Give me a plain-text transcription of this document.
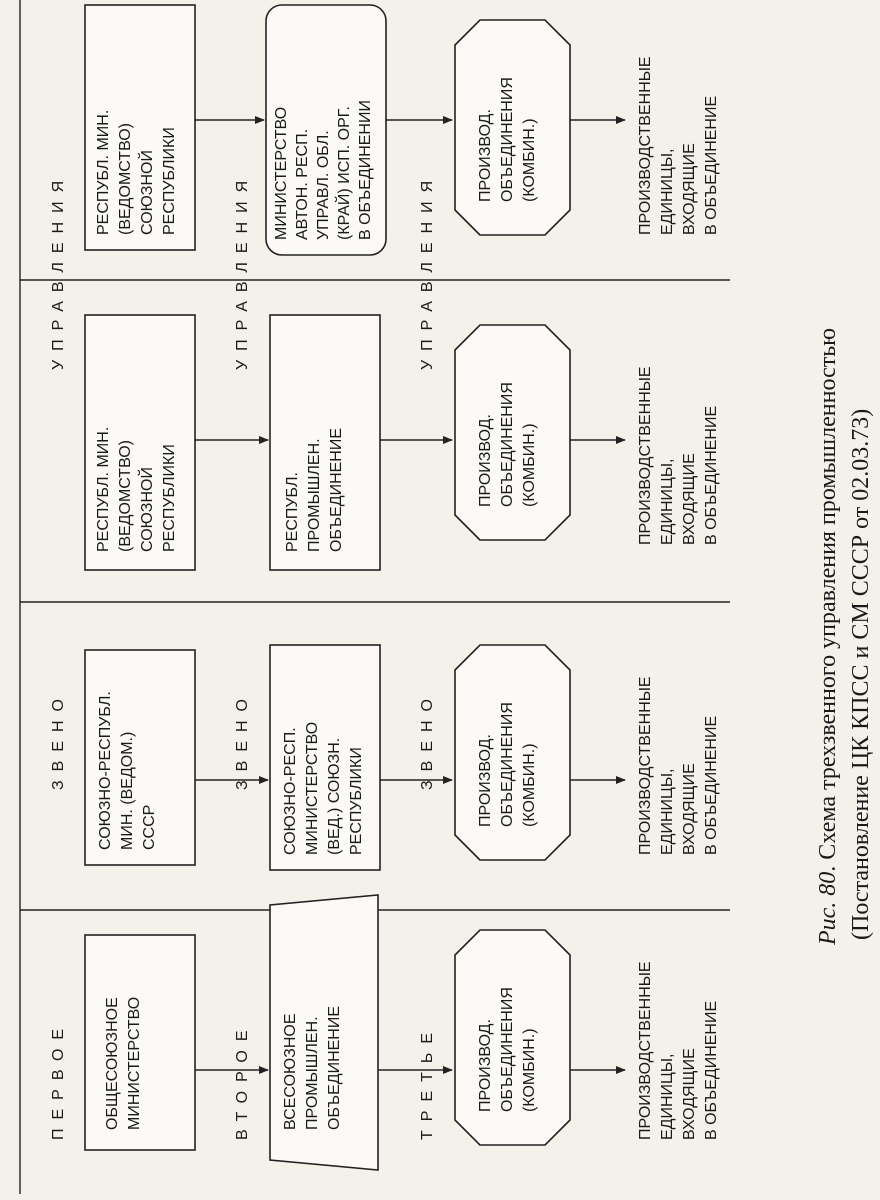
ПЕРВОЕ
ЗВЕНО
УПРАВЛЕНИЯ
ВТОРОЕ
ЗВЕНО
УПРАВЛЕНИЯ
ТРЕТЬЕ
ЗВЕНО
УПРАВЛЕНИЯ
ОБЩЕСОЮЗНОЕ МИНИСТЕРСТВО	ВСЕСОЮЗНОЕ ПРОМЫШЛЕН. ОБЪЕДИНЕНИЕ	ПРОИЗВОД. ОБЪЕДИНЕНИЯ (КОМБИН.)	ПРОИЗВОДСТВЕННЫЕ ЕДИНИЦЫ, ВХОДЯЩИЕ В ОБЪЕДИНЕНИЕ
СОЮЗНО-РЕСПУБЛ. МИН. (ВЕДОМ.) СССР	СОЮЗНО-РЕСП. МИНИСТЕРСТВО (ВЕД.) СОЮЗН. РЕСПУБЛИКИ	ПРОИЗВОД. ОБЪЕДИНЕНИЯ (КОМБИН.)	ПРОИЗВОДСТВЕННЫЕ ЕДИНИЦЫ, ВХОДЯЩИЕ В ОБЪЕДИНЕНИЕ
РЕСПУБЛ. МИН. (ВЕДОМСТВО) СОЮЗНОЙ РЕСПУБЛИКИ	РЕСПУБЛ. ПРОМЫШЛЕН. ОБЪЕДИНЕНИЕ	ПРОИЗВОД. ОБЪЕДИНЕНИЯ (КОМБИН.)	ПРОИЗВОДСТВЕННЫЕ ЕДИНИЦЫ, ВХОДЯЩИЕ В ОБЪЕДИНЕНИЕ
РЕСПУБЛ. МИН. (ВЕДОМСТВО) СОЮЗНОЙ РЕСПУБЛИКИ	МИНИСТЕРСТВО АВТОН. РЕСП. УПРАВЛ. ОБЛ. (КРАЙ) ИСП. ОРГ. В ОБЪЕДИНЕНИИ	ПРОИЗВОД. ОБЪЕДИНЕНИЯ (КОМБИН.)	ПРОИЗВОДСТВЕННЫЕ ЕДИНИЦЫ, ВХОДЯЩИЕ В ОБЪЕДИНЕНИЕ
Рис. 80. Схема трехзвенного управления промышленностью (Постановление ЦК КПСС и СМ СССР от 02.03.73)
